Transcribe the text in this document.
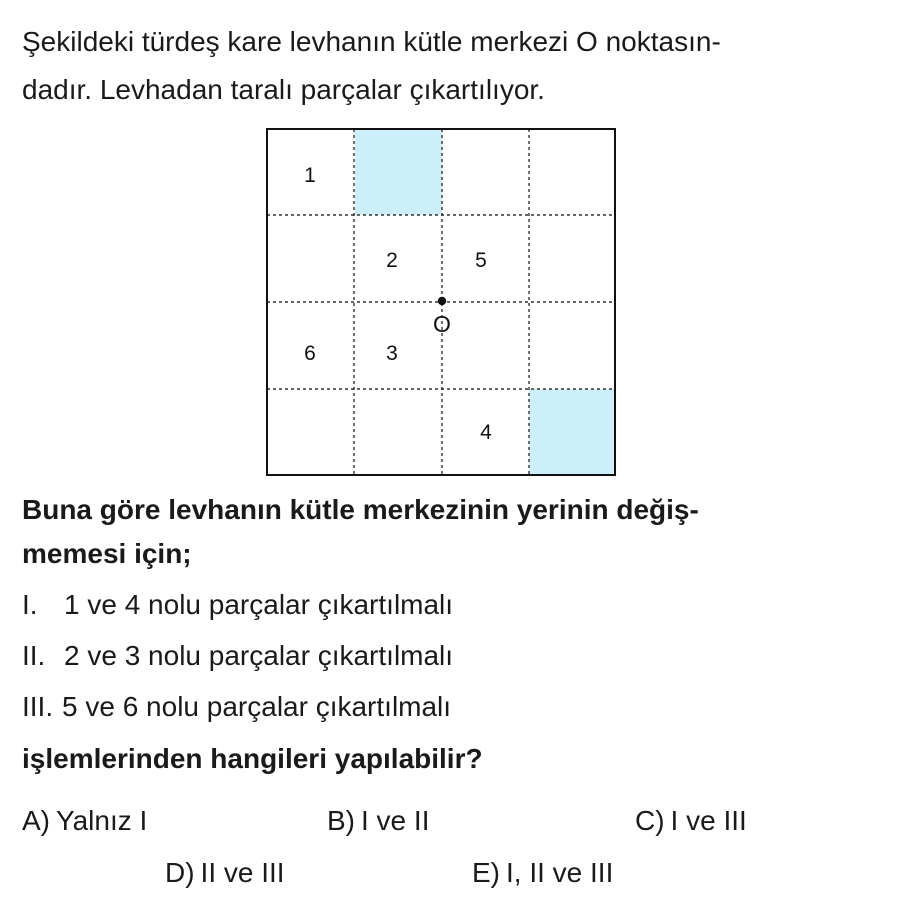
Şekildeki türdeş kare levhanın kütle merkezi O noktasın-
dadır. Levhadan taralı parçalar çıkartılıyor.

1
2	5
6	3
4
O
Buna göre levhanın kütle merkezinin yerinin değiş-
memesi için;
I. 1 ve 4 nolu parçalar çıkartılmalı
II. 2 ve 3 nolu parçalar çıkartılmalı
III. 5 ve 6 nolu parçalar çıkartılmalı
işlemlerinden hangileri yapılabilir?
A) Yalnız I	B) I ve II	C) I ve III
D) II ve III	E) I, II ve III
